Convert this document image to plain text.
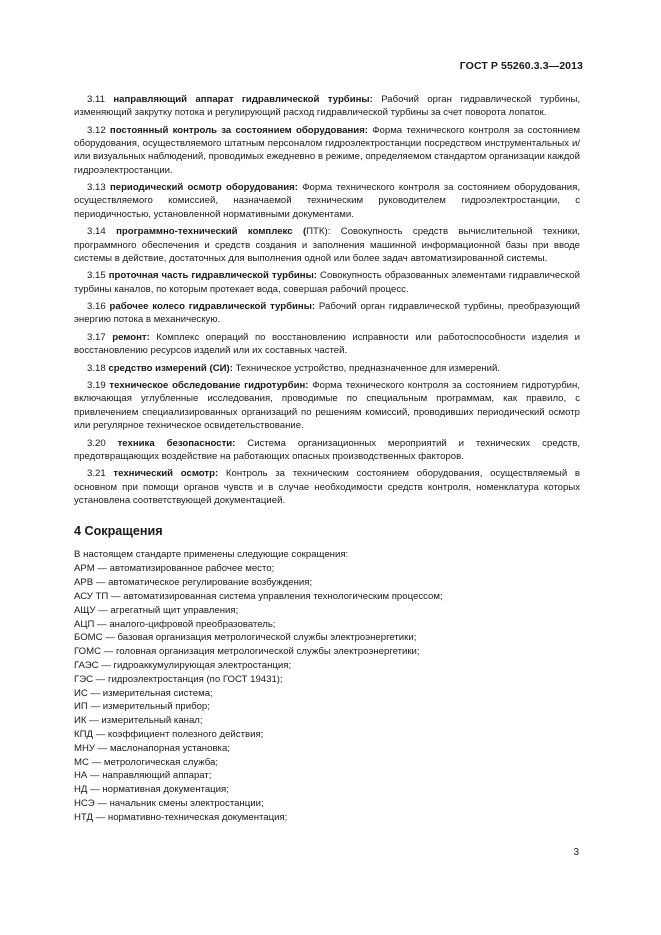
ГОСТ Р 55260.3.3—2013

3.11 направляющий аппарат гидравлической турбины: Рабочий орган гидравлической турбины, изменяющий закрутку потока и регулирующий расход гидравлической турбины за счет поворота лопаток.

3.12 постоянный контроль за состоянием оборудования: Форма технического контроля за состоянием оборудования, осуществляемого штатным персоналом гидроэлектростанции посредством инструментальных и/или визуальных наблюдений, проводимых ежедневно в режиме, определяемом стандартом организации каждой гидроэлектростанции.

3.13 периодический осмотр оборудования: Форма технического контроля за состоянием оборудования, осуществляемого комиссией, назначаемой техническим руководителем гидроэлектростанции, с периодичностью, установленной нормативными документами.

3.14 программно-технический комплекс (ПТК): Совокупность средств вычислительной техники, программного обеспечения и средств создания и заполнения машинной информационной базы при вводе системы в действие, достаточных для выполнения одной или более задач автоматизированной системы.

3.15 проточная часть гидравлической турбины: Совокупность образованных элементами гидравлической турбины каналов, по которым протекает вода, совершая рабочий процесс.

3.16 рабочее колесо гидравлической турбины: Рабочий орган гидравлической турбины, преобразующий энергию потока в механическую.

3.17 ремонт: Комплекс операций по восстановлению исправности или работоспособности изделия и восстановлению ресурсов изделий или их составных частей.

3.18 средство измерений (СИ): Техническое устройство, предназначенное для измерений.

3.19 техническое обследование гидротурбин: Форма технического контроля за состоянием гидротурбин, включающая углубленные исследования, проводимые по специальным программам, как правило, с привлечением специализированных организаций по решениям комиссий, проводивших периодический осмотр или регулярное техническое освидетельствование.

3.20 техника безопасности: Система организационных мероприятий и технических средств, предотвращающих воздействие на работающих опасных производственных факторов.

3.21 технический осмотр: Контроль за техническим состоянием оборудования, осуществляемый в основном при помощи органов чувств и в случае необходимости средств контроля, номенклатура которых установлена соответствующей документацией.

4 Сокращения
В настоящем стандарте применены следующие сокращения:
АРМ — автоматизированное рабочее место;
АРВ — автоматическое регулирование возбуждения;
АСУ ТП — автоматизированная система управления технологическим процессом;
АЩУ — агрегатный щит управления;
АЦП — аналого-цифровой преобразователь;
БОМС — базовая организация метрологической службы электроэнергетики;
ГОМС — головная организация метрологической службы электроэнергетики;
ГАЭС — гидроаккумулирующая электростанция;
ГЭС — гидроэлектростанция (по ГОСТ 19431);
ИС — измерительная система;
ИП — измерительный прибор;
ИК — измерительный канал;
КПД — коэффициент полезного действия;
МНУ — маслонапорная установка;
МС — метрологическая служба;
НА — направляющий аппарат;
НД — нормативная документация;
НСЭ — начальник смены электростанции;
НТД — нормативно-техническая документация;
3
